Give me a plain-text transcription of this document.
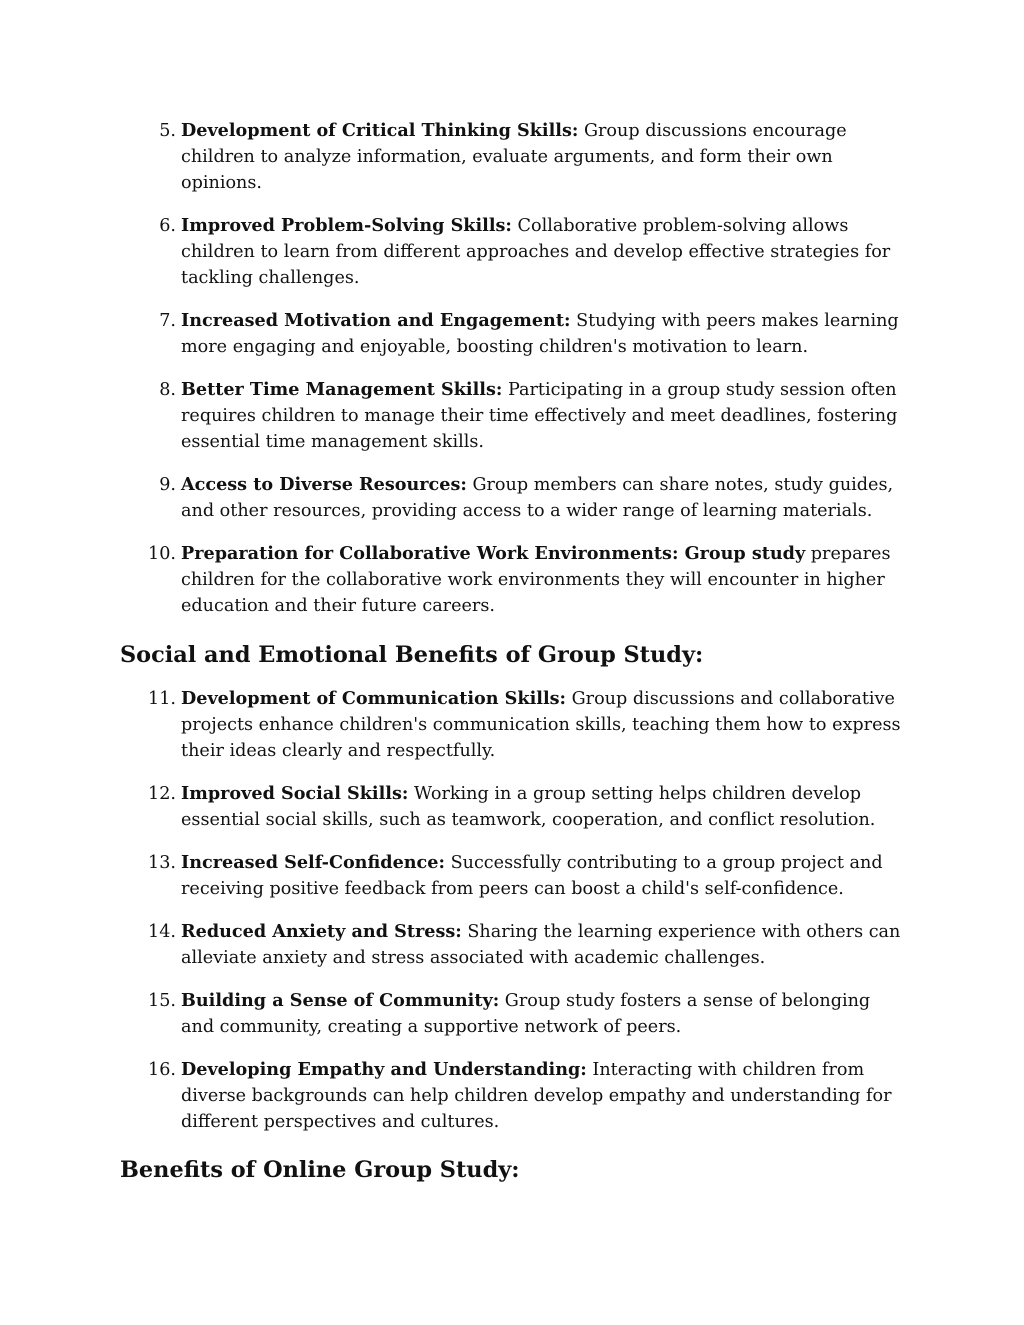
5. Development of Critical Thinking Skills: Group discussions encourage children to analyze information, evaluate arguments, and form their own opinions.
6. Improved Problem-Solving Skills: Collaborative problem-solving allows children to learn from different approaches and develop effective strategies for tackling challenges.
7. Increased Motivation and Engagement: Studying with peers makes learning more engaging and enjoyable, boosting children's motivation to learn.
8. Better Time Management Skills: Participating in a group study session often requires children to manage their time effectively and meet deadlines, fostering essential time management skills.
9. Access to Diverse Resources: Group members can share notes, study guides, and other resources, providing access to a wider range of learning materials.
10. Preparation for Collaborative Work Environments: Group study prepares children for the collaborative work environments they will encounter in higher education and their future careers.
Social and Emotional Benefits of Group Study:
11. Development of Communication Skills: Group discussions and collaborative projects enhance children's communication skills, teaching them how to express their ideas clearly and respectfully.
12. Improved Social Skills: Working in a group setting helps children develop essential social skills, such as teamwork, cooperation, and conflict resolution.
13. Increased Self-Confidence: Successfully contributing to a group project and receiving positive feedback from peers can boost a child's self-confidence.
14. Reduced Anxiety and Stress: Sharing the learning experience with others can alleviate anxiety and stress associated with academic challenges.
15. Building a Sense of Community: Group study fosters a sense of belonging and community, creating a supportive network of peers.
16. Developing Empathy and Understanding: Interacting with children from diverse backgrounds can help children develop empathy and understanding for different perspectives and cultures.
Benefits of Online Group Study:
